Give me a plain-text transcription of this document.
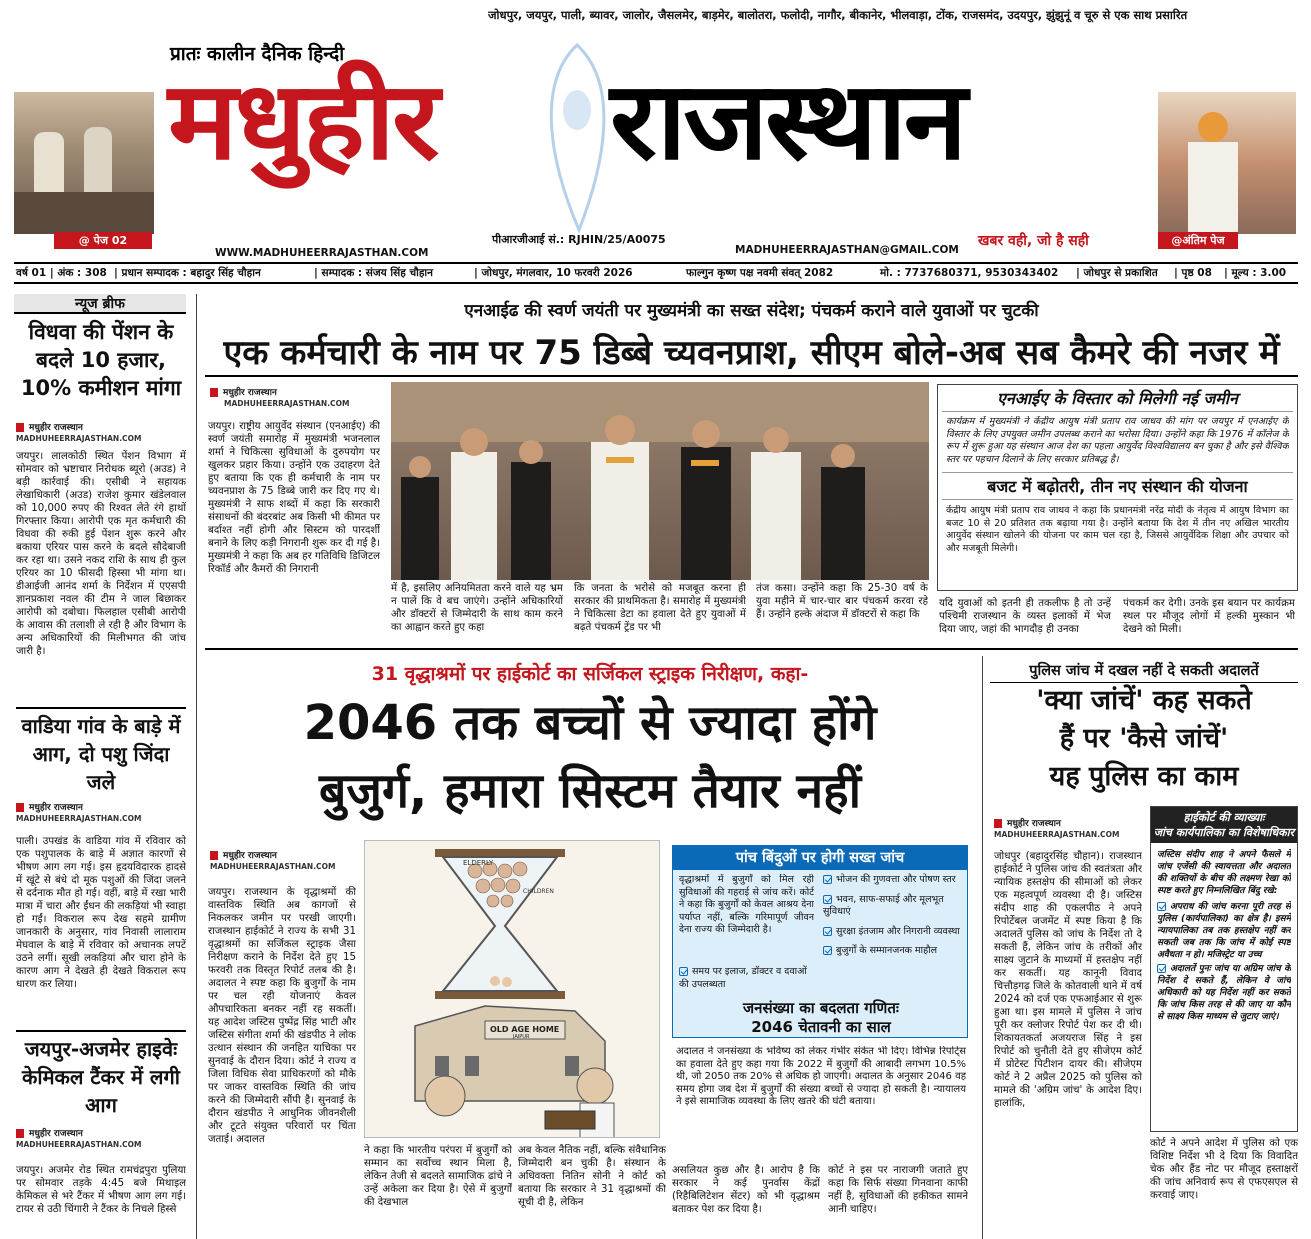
@ पेज 02
प्रातः कालीन दैनिक हिन्दी
मधुहीर राजस्थान
जोधपुर, जयपुर, पाली, ब्यावर, जालोर, जैसलमेर, बाड़मेर, बालोतरा, फलोदी, नागौर, बीकानेर, भीलवाड़ा, टोंक, राजसमंद, उदयपुर, झुंझुनूं व चूरु से एक साथ प्रसारित
@अंतिम पेज
WWW.MADHUHEERRAJASTHAN.COM
पीआरजीआई सं.: RJHIN/25/A0075
MADHUHEERRAJASTHAN@GMAIL.COM
खबर वही, जो है सही
वर्ष 01 | अंक : 308 | प्रधान सम्पादक : बहादुर सिंह चौहान	| सम्पादक : संजय सिंह चौहान	| जोधपुर, मंगलवार, 10 फरवरी 2026	फाल्गुन कृष्ण पक्ष नवमी संवत् 2082	मो. : 7737680371, 9530343402 | जोधपुर से प्रकाशित | पृष्ठ 08 | मूल्य : 3.00
न्यूज ब्रीफ
विधवा की पेंशन के बदले 10 हजार, 10% कमीशन मांगा
मधुहीर राजस्थान
MADHUHEERRAJASTHAN.COM
जयपुर। लालकोठी स्थित पेंशन विभाग में सोमवार को भ्रष्टाचार निरोधक ब्यूरो (अउड) ने बड़ी कार्रवाई की। एसीबी ने सहायक लेखाधिकारी (अउड) राजेश कुमार खंडेलवाल को 10,000 रुपए की रिश्वत लेते रंगे हाथों गिरफ्तार किया। आरोपी एक मृत कर्मचारी की विधवा की रुकी हुई पेंशन शुरू करने और बकाया एरियर पास करने के बदले सौदेबाजी कर रहा था। उसने नकद राशि के साथ ही कुल एरियर का 10 फीसदी हिस्सा भी मांगा था। डीआईजी आनंद शर्मा के निर्देशन में एएसपी ज्ञानप्रकाश नवल की टीम ने जाल बिछाकर आरोपी को दबोचा। फिलहाल एसीबी आरोपी के आवास की तलाशी ले रही है और विभाग के अन्य अधिकारियों की मिलीभगत की जांच जारी है।
वाडिया गांव के बाड़े में आग, दो पशु जिंदा जले
मधुहीर राजस्थान
MADHUHEERRAJASTHAN.COM
पाली। उपखंड के वाडिया गांव में रविवार को एक पशुपालक के बाड़े में अज्ञात कारणों से भीषण आग लग गई। इस हृदयविदारक हादसे में खूंटे से बंधे दो मूक पशुओं की जिंदा जलने से दर्दनाक मौत हो गई। वहीं, बाड़े में रखा भारी मात्रा में चारा और ईंधन की लकड़ियां भी स्वाहा हो गईं। विकराल रूप देख सहमे ग्रामीण जानकारी के अनुसार, गांव निवासी लालाराम मेघवाल के बाड़े में रविवार को अचानक लपटें उठने लगीं। सूखी लकड़ियां और चारा होने के कारण आग ने देखते ही देखते विकराल रूप धारण कर लिया।
जयपुर-अजमेर हाइवेः केमिकल टैंकर में लगी आग
मधुहीर राजस्थान
MADHUHEERRAJASTHAN.COM
जयपुर। अजमेर रोड स्थित रामचंद्रपुरा पुलिया पर सोमवार तड़के 4:45 बजे मिथाइल केमिकल से भरे टैंकर में भीषण आग लग गई। टायर से उठी चिंगारी ने टैंकर के निचले हिस्से
एनआईढ की स्वर्ण जयंती पर मुख्यमंत्री का सख्त संदेश; पंचकर्म कराने वाले युवाओं पर चुटकी
एक कर्मचारी के नाम पर 75 डिब्बे च्यवनप्राश, सीएम बोले-अब सब कैमरे की नजर में
मधुहीर राजस्थान
MADHUHEERRAJASTHAN.COM
जयपुर। राष्ट्रीय आयुर्वेद संस्थान (एनआईए) की स्वर्ण जयंती समारोह में मुख्यमंत्री भजनलाल शर्मा ने चिकित्सा सुविधाओं के दुरुपयोग पर खुलकर प्रहार किया। उन्होंने एक उदाहरण देते हुए बताया कि एक ही कर्मचारी के नाम पर च्यवनप्राश के 75 डिब्बे जारी कर दिए गए थे। मुख्यमंत्री ने साफ शब्दों में कहा कि सरकारी संसाधनों की बंदरबांट अब किसी भी कीमत पर बर्दाश्त नहीं होगी और सिस्टम को पारदर्शी बनाने के लिए कड़ी निगरानी शुरू कर दी गई है। मुख्यमंत्री ने कहा कि अब हर गतिविधि डिजिटल रिकॉर्ड और कैमरों की निगरानी
में है, इसलिए अनियमितता करने वाले यह भ्रम न पालें कि वे बच जाएंगे। उन्होंने अधिकारियों और डॉक्टरों से जिम्मेदारी के साथ काम करने का आह्वान करते हुए कहा
कि जनता के भरोसे को मजबूत करना ही सरकार की प्राथमिकता है। समारोह में मुख्यमंत्री ने चिकित्सा डेटा का हवाला देते हुए युवाओं में बढ़ते पंचकर्म ट्रेंड पर भी
तंज कसा। उन्होंने कहा कि 25-30 वर्ष के युवा महीने में चार-चार बार पंचकर्म करवा रहे हैं। उन्होंने हल्के अंदाज में डॉक्टरों से कहा कि
यदि युवाओं को इतनी ही तकलीफ है तो उन्हें पश्चिमी राजस्थान के व्यस्त इलाकों में भेज दिया जाए, जहां की भागदौड़ ही उनका
पंचकर्म कर देगी। उनके इस बयान पर कार्यक्रम स्थल पर मौजूद लोगों में हल्की मुस्कान भी देखने को मिली।
एनआईए के विस्तार को मिलेगी नई जमीन
कार्यक्रम में मुख्यमंत्री ने केंद्रीय आयुष मंत्री प्रताप राव जाधव की मांग पर जयपुर में एनआईए के विस्तार के लिए उपयुक्त जमीन उपलब्ध कराने का भरोसा दिया। उन्होंने कहा कि 1976 में कॉलेज के रूप में शुरू हुआ यह संस्थान आज देश का पहला आयुर्वेद विश्वविद्यालय बन चुका है और इसे वैश्विक स्तर पर पहचान दिलाने के लिए सरकार प्रतिबद्ध है।
बजट में बढ़ोतरी, तीन नए संस्थान की योजना
केंद्रीय आयुष मंत्री प्रताप राव जाधव ने कहा कि प्रधानमंत्री नरेंद्र मोदी के नेतृत्व में आयुष विभाग का बजट 10 से 20 प्रतिशत तक बढ़ाया गया है। उन्होंने बताया कि देश में तीन नए अखिल भारतीय आयुर्वेद संस्थान खोलने की योजना पर काम चल रहा है, जिससे आयुर्वेदिक शिक्षा और उपचार को और मजबूती मिलेगी।
31 वृद्धाश्रमों पर हाईकोर्ट का सर्जिकल स्ट्राइक निरीक्षण, कहा-
2046 तक बच्चों से ज्यादा होंगे
बुजुर्ग, हमारा सिस्टम तैयार नहीं
मधुहीर राजस्थान
MADHUHEERRAJASTHAN.COM
जयपुर। राजस्थान के वृद्धाश्रमों की वास्तविक स्थिति अब कागजों से निकलकर जमीन पर परखी जाएगी। राजस्थान हाईकोर्ट ने राज्य के सभी 31 वृद्धाश्रमों का सर्जिकल स्ट्राइक जैसा निरीक्षण कराने के निर्देश देते हुए 15 फरवरी तक विस्तृत रिपोर्ट तलब की है। अदालत ने स्पष्ट कहा कि बुजुर्गों के नाम पर चल रही योजनाएं केवल औपचारिकता बनकर नहीं रह सकतीं। यह आदेश जस्टिस पुष्पेंद्र सिंह भाटी और जस्टिस संगीता शर्मा की खंडपीठ ने लोक उत्थान संस्थान की जनहित याचिका पर सुनवाई के दौरान दिया। कोर्ट ने राज्य व जिला विधिक सेवा प्राधिकरणों को मौके पर जाकर वास्तविक स्थिति की जांच करने की जिम्मेदारी सौंपी है। सुनवाई के दौरान खंडपीठ ने आधुनिक जीवनशैली और टूटते संयुक्त परिवारों पर चिंता जताई। अदालत
ELDERLY
CHILDREN
OLD AGE HOME
JAIPUR
ने कहा कि भारतीय परंपरा में बुजुर्गों को सम्मान का सर्वोच्च स्थान मिला है, लेकिन तेजी से बदलते सामाजिक ढांचे ने उन्हें अकेला कर दिया है। ऐसे में बुजुर्गों की देखभाल
अब केवल नैतिक नहीं, बल्कि संवैधानिक जिम्मेदारी बन चुकी है। संस्थान के अधिवक्ता नितिन सोनी ने कोर्ट को बताया कि सरकार ने 31 वृद्धाश्रमों की सूची दी है, लेकिन
पांच बिंदुओं पर होगी सख्त जांच
वृद्धाश्रमों में बुजुर्गों को मिल रही सुविधाओं की गहराई से जांच करें। कोर्ट ने कहा कि बुजुर्गों को केवल आश्रय देना पर्याप्त नहीं, बल्कि गरिमापूर्ण जीवन देना राज्य की जिम्मेदारी है।
समय पर इलाज, डॉक्टर व दवाओं की उपलब्धता
भोजन की गुणवत्ता और पोषण स्तर
भवन, साफ-सफाई और मूलभूत सुविधाएं
सुरक्षा इंतजाम और निगरानी व्यवस्था
बुजुर्गों के सम्मानजनक माहौल
जनसंख्या का बदलता गणितः
2046 चेतावनी का साल
अदालत ने जनसंख्या के भविष्य को लेकर गंभीर संकेत भी दिए। विभिन्न रिपोर्ट्स का हवाला देते हुए कहा गया कि 2022 में बुजुर्गों की आबादी लगभग 10.5% थी, जो 2050 तक 20% से अधिक हो जाएगी। अदालत के अनुसार 2046 वह समय होगा जब देश में बुजुर्गों की संख्या बच्चों से ज्यादा हो सकती है। न्यायालय ने इसे सामाजिक व्यवस्था के लिए खतरे की घंटी बताया।
असलियत कुछ और है। आरोप है कि सरकार ने कई पुनर्वास केंद्रों (रिहैबिलिटेशन सेंटर) को भी वृद्धाश्रम बताकर पेश कर दिया है।
कोर्ट ने इस पर नाराजगी जताते हुए कहा कि सिर्फ संख्या गिनवाना काफी नहीं है, सुविधाओं की हकीकत सामने आनी चाहिए।
पुलिस जांच में दखल नहीं दे सकती अदालतें
'क्या जांचें' कह सकते
हैं पर 'कैसे जांचें'
यह पुलिस का काम
मधुहीर राजस्थान
MADHUHEERRAJASTHAN.COM
जोधपुर (बहादुरसिंह चौहान)। राजस्थान हाईकोर्ट ने पुलिस जांच की स्वतंत्रता और न्यायिक हस्तक्षेप की सीमाओं को लेकर एक महत्वपूर्ण व्यवस्था दी है। जस्टिस संदीप शाह की एकलपीठ ने अपने रिपोर्टेबल जजमेंट में स्पष्ट किया है कि अदालतें पुलिस को जांच के निर्देश तो दे सकती हैं, लेकिन जांच के तरीकों और साक्ष्य जुटाने के माध्यमों में हस्तक्षेप नहीं कर सकतीं। यह कानूनी विवाद चित्तौड़गढ़ जिले के कोतवाली थाने में वर्ष 2024 को दर्ज एक एफआईआर से शुरू हुआ था। इस मामले में पुलिस ने जांच पूरी कर क्लोजर रिपोर्ट पेश कर दी थी। शिकायतकर्ता अजयराज सिंह ने इस रिपोर्ट को चुनौती देते हुए सीजेएम कोर्ट में प्रोटेस्ट पिटीशन दायर की। सीजेएम कोर्ट ने 2 अप्रैल 2025 को पुलिस को मामले की 'अग्रिम जांच' के आदेश दिए। हालांकि,
हाईकोर्ट की व्याख्याः
जांच कार्यपालिका का विशेषाधिकार
जस्टिस संदीप शाह ने अपने फैसले में जांच एजेंसी की स्वायत्तता और अदालत की शक्तियों के बीच की लक्ष्मण रेखा को स्पष्ट करते हुए निम्नलिखित बिंदु रखे:
अपराध की जांच करना पूरी तरह से पुलिस (कार्यपालिका) का क्षेत्र है। इसमें न्यायपालिका तब तक हस्तक्षेप नहीं कर सकती जब तक कि जांच में कोई स्पष्ट अवैधता न हो। मजिस्ट्रेट या उच्च
अदालतें पुनः जांच या अग्रिम जांच के निर्देश दे सकते हैं, लेकिन वे जांच अधिकारी को यह निर्देश नहीं कर सकते कि जांच किस तरह से की जाए या कौन से साक्ष्य किस माध्यम से जुटाए जाएं।
कोर्ट ने अपने आदेश में पुलिस को एक विशिष्ट निर्देश भी दे दिया कि विवादित चेक और हैंड नोट पर मौजूद हस्ताक्षरों की जांच अनिवार्य रूप से एफएसएल से करवाई जाए।
